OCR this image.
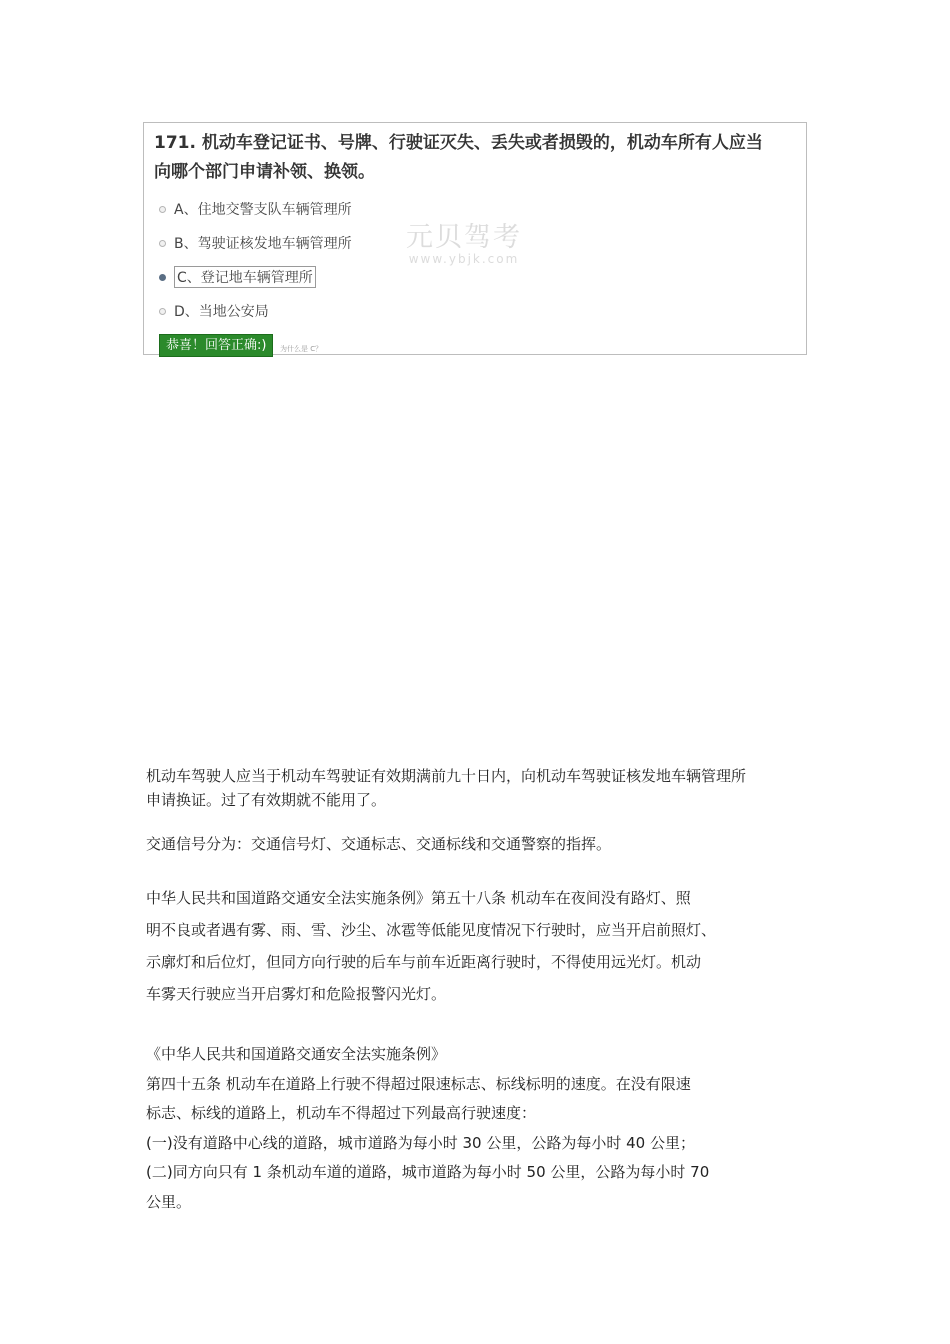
171. 机动车登记证书、号牌、行驶证灭失、丢失或者损毁的，机动车所有人应当
向哪个部门申请补领、换领。
A、住地交警支队车辆管理所
B、驾驶证核发地车辆管理所
C、登记地车辆管理所
D、当地公安局
元贝驾考
www.ybjk.com
恭喜！回答正确:)	为什么是 C？

机动车驾驶人应当于机动车驾驶证有效期满前九十日内，向机动车驾驶证核发地车辆管理所

申请换证。过了有效期就不能用了。

交通信号分为：交通信号灯、交通标志、交通标线和交通警察的指挥。

中华人民共和国道路交通安全法实施条例》第五十八条 机动车在夜间没有路灯、照

明不良或者遇有雾、雨、雪、沙尘、冰雹等低能见度情况下行驶时，应当开启前照灯、

示廓灯和后位灯，但同方向行驶的后车与前车近距离行驶时，不得使用远光灯。机动

车雾天行驶应当开启雾灯和危险报警闪光灯。

《中华人民共和国道路交通安全法实施条例》

第四十五条 机动车在道路上行驶不得超过限速标志、标线标明的速度。在没有限速

标志、标线的道路上，机动车不得超过下列最高行驶速度：

(一)没有道路中心线的道路，城市道路为每小时 30 公里，公路为每小时 40 公里；

(二)同方向只有 1 条机动车道的道路，城市道路为每小时 50 公里，公路为每小时 70

公里。
